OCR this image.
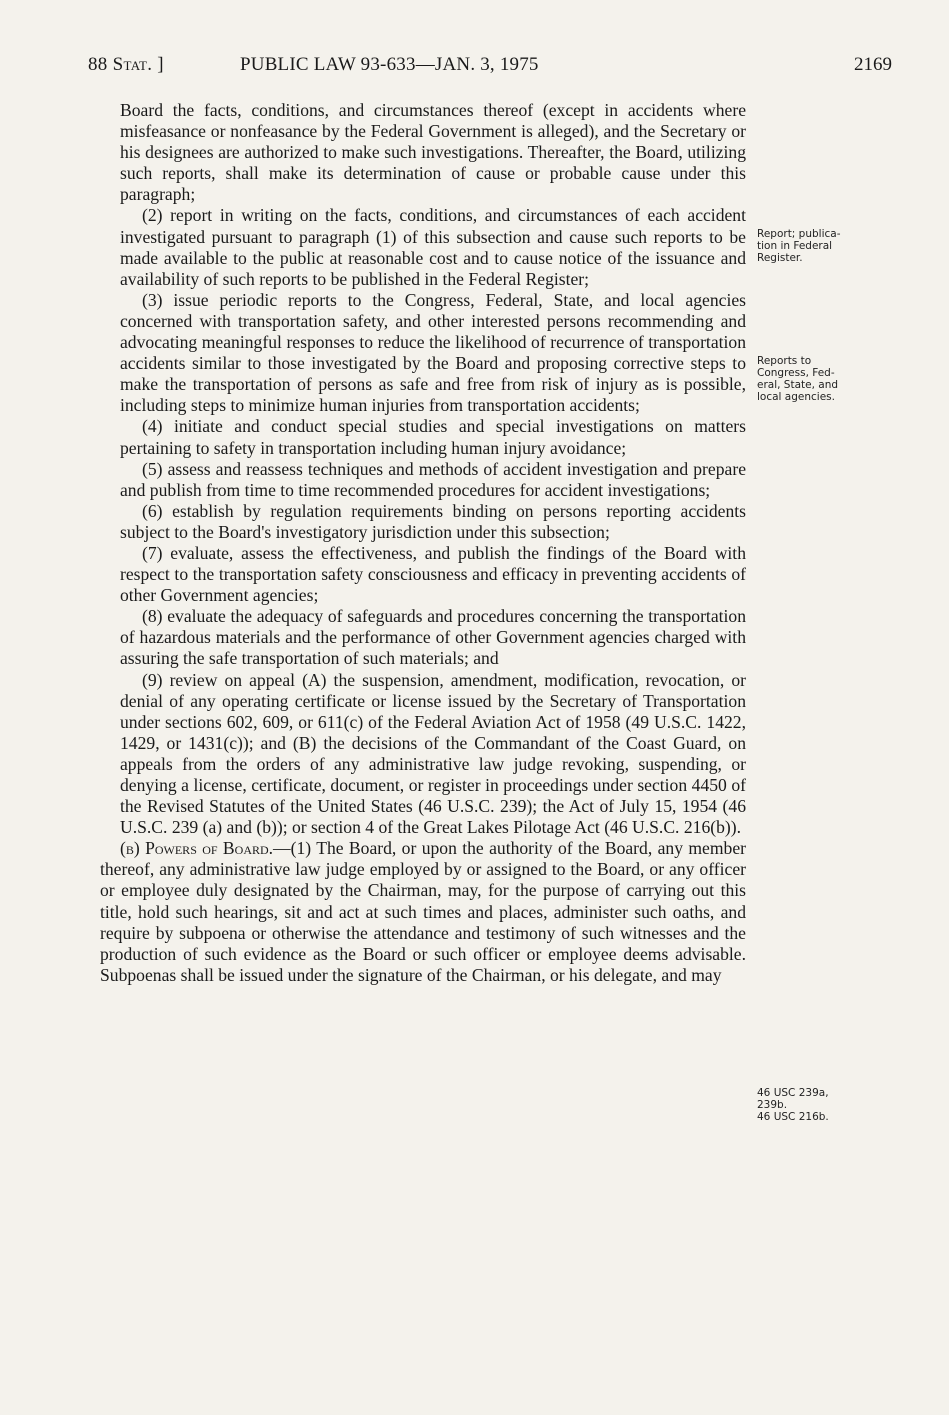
88 Stat. ]	PUBLIC LAW 93-633—JAN. 3, 1975	2169

Board the facts, conditions, and circumstances thereof (except in accidents where misfeasance or nonfeasance by the Federal Government is alleged), and the Secretary or his designees are authorized to make such investigations. Thereafter, the Board, utilizing such reports, shall make its determination of cause or probable cause under this paragraph;

(2) report in writing on the facts, conditions, and circumstances of each accident investigated pursuant to paragraph (1) of this subsection and cause such reports to be made available to the public at reasonable cost and to cause notice of the issuance and availability of such reports to be published in the Federal Register;

(3) issue periodic reports to the Congress, Federal, State, and local agencies concerned with transportation safety, and other interested persons recommending and advocating meaningful responses to reduce the likelihood of recurrence of transportation accidents similar to those investigated by the Board and proposing corrective steps to make the transportation of persons as safe and free from risk of injury as is possible, including steps to minimize human injuries from transportation accidents;

(4) initiate and conduct special studies and special investigations on matters pertaining to safety in transportation including human injury avoidance;

(5) assess and reassess techniques and methods of accident investigation and prepare and publish from time to time recommended procedures for accident investigations;

(6) establish by regulation requirements binding on persons reporting accidents subject to the Board's investigatory jurisdiction under this subsection;

(7) evaluate, assess the effectiveness, and publish the findings of the Board with respect to the transportation safety consciousness and efficacy in preventing accidents of other Government agencies;

(8) evaluate the adequacy of safeguards and procedures concerning the transportation of hazardous materials and the performance of other Government agencies charged with assuring the safe transportation of such materials; and

(9) review on appeal (A) the suspension, amendment, modification, revocation, or denial of any operating certificate or license issued by the Secretary of Transportation under sections 602, 609, or 611(c) of the Federal Aviation Act of 1958 (49 U.S.C. 1422, 1429, or 1431(c)); and (B) the decisions of the Commandant of the Coast Guard, on appeals from the orders of any administrative law judge revoking, suspending, or denying a license, certificate, document, or register in proceedings under section 4450 of the Revised Statutes of the United States (46 U.S.C. 239); the Act of July 15, 1954 (46 U.S.C. 239 (a) and (b)); or section 4 of the Great Lakes Pilotage Act (46 U.S.C. 216(b)).

(b) Powers of Board.—(1) The Board, or upon the authority of the Board, any member thereof, any administrative law judge employed by or assigned to the Board, or any officer or employee duly designated by the Chairman, may, for the purpose of carrying out this title, hold such hearings, sit and act at such times and places, administer such oaths, and require by subpoena or otherwise the attendance and testimony of such witnesses and the production of such evidence as the Board or such officer or employee deems advisable. Subpoenas shall be issued under the signature of the Chairman, or his delegate, and may

Report; publica-
tion in Federal
Register.
Reports to
Congress, Fed-
eral, State, and
local agencies.
46 USC 239a,
239b.
46 USC 216b.
